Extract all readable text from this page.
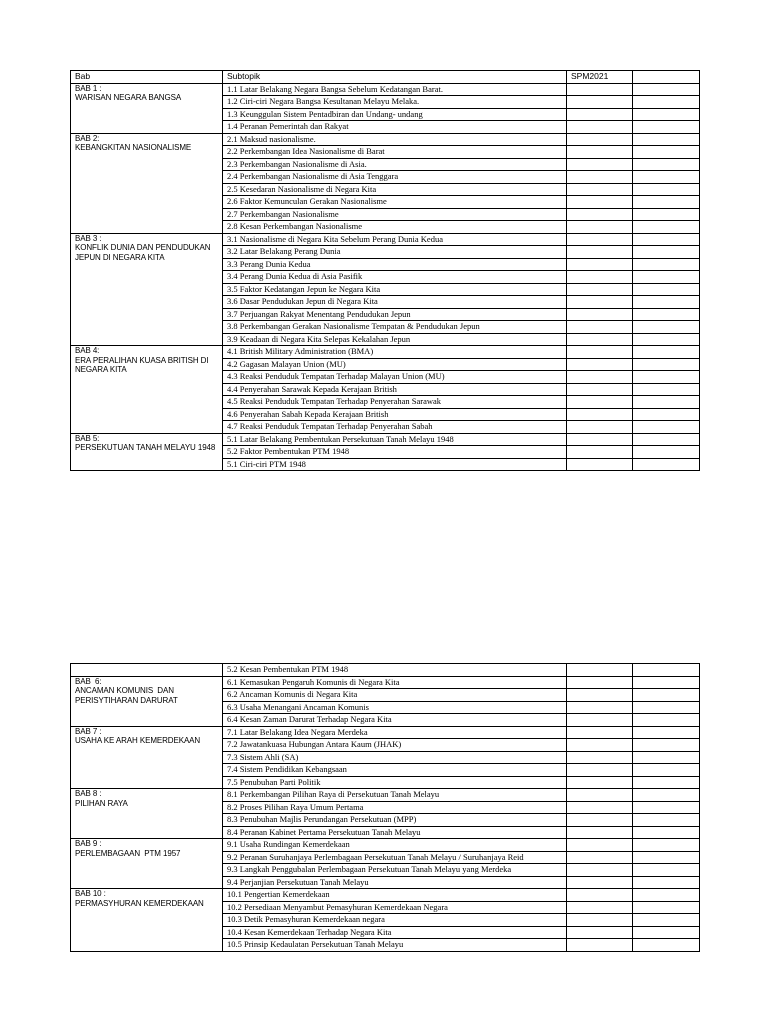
Bab	Subtopik	SPM2021	
BAB 1 :
WARISAN NEGARA BANGSA	1.1 Latar Belakang Negara Bangsa Sebelum Kedatangan Barat.		
	1.2 Ciri-ciri Negara Bangsa Kesultanan Melayu Melaka.		
	1.3 Keunggulan Sistem Pentadbiran dan Undang- undang		
	1.4 Peranan Pemerintah dan Rakyat		
BAB 2:
KEBANGKITAN NASIONALISME	2.1 Maksud nasionalisme.		
	2.2 Perkembangan Idea Nasionalisme di Barat		
	2.3 Perkembangan Nasionalisme di Asia.		
	2.4 Perkembangan Nasionalisme di Asia Tenggara		
	2.5 Kesedaran Nasionalisme di Negara Kita		
	2.6 Faktor Kemunculan Gerakan Nasionalisme		
	2.7 Perkembangan Nasionalisme		
	2.8 Kesan Perkembangan Nasionalisme		
BAB 3 :
KONFLIK DUNIA DAN PENDUDUKAN JEPUN DI NEGARA KITA	3.1 Nasionalisme di Negara Kita Sebelum Perang Dunia Kedua		
	3.2 Latar Belakang Perang Dunia		
	3.3 Perang Dunia Kedua		
	3.4 Perang Dunia Kedua di Asia Pasifik		
	3.5 Faktor Kedatangan Jepun ke Negara Kita		
	3.6 Dasar Pendudukan Jepun di Negara Kita		
	3.7 Perjuangan Rakyat Menentang Pendudukan Jepun		
	3.8 Perkembangan Gerakan Nasionalisme Tempatan & Pendudukan Jepun		
	3.9 Keadaan di Negara Kita Selepas Kekalahan Jepun		
BAB 4:
ERA PERALIHAN KUASA BRITISH DI NEGARA KITA	4.1 British Military Administration (BMA)		
	4.2 Gagasan Malayan Union (MU)		
	4.3 Reaksi Penduduk Tempatan Terhadap Malayan Union (MU)		
	4.4 Penyerahan Sarawak Kepada Kerajaan British		
	4.5 Reaksi Penduduk Tempatan Terhadap Penyerahan Sarawak		
	4.6 Penyerahan Sabah Kepada Kerajaan British		
	4.7 Reaksi Penduduk Tempatan Terhadap Penyerahan Sabah		
BAB 5:
PERSEKUTUAN TANAH MELAYU 1948	5.1 Latar Belakang Pembentukan Persekutuan Tanah Melayu 1948		
	5.2 Faktor Pembentukan PTM 1948		
	5.1 Ciri-ciri PTM 1948		
	5.2 Kesan Pembentukan PTM 1948		
BAB  6:
ANCAMAN KOMUNIS  DAN PERISYTIHARAN DARURAT	6.1 Kemasukan Pengaruh Komunis di Negara Kita		
	6.2 Ancaman Komunis di Negara Kita		
	6.3 Usaha Menangani Ancaman Komunis		
	6.4 Kesan Zaman Darurat Terhadap Negara Kita		
BAB 7 :
USAHA KE ARAH KEMERDEKAAN	7.1 Latar Belakang Idea Negara Merdeka		
	7.2 Jawatankuasa Hubungan Antara Kaum (JHAK)		
	7.3 Sistem Ahli (SA)		
	7.4 Sistem Pendidikan Kebangsaan		
	7.5 Penubuhan Parti Politik		
BAB 8 :
PILIHAN RAYA	8.1 Perkembangan Pilihan Raya di Persekutuan Tanah Melayu		
	8.2 Proses Pilihan Raya Umum Pertama		
	8.3 Penubuhan Majlis Perundangan Persekutuan (MPP)		
	8.4 Peranan Kabinet Pertama Persekutuan Tanah Melayu		
BAB 9 :
PERLEMBAGAAN  PTM 1957	9.1 Usaha Rundingan Kemerdekaan		
	9.2 Peranan Suruhanjaya Perlembagaan Persekutuan Tanah Melayu / Suruhanjaya Reid		
	9.3 Langkah Penggubalan Perlembagaan Persekutuan Tanah Melayu yang Merdeka		
	9.4 Perjanjian Persekutuan Tanah Melayu		
BAB 10 :
PERMASYHURAN KEMERDEKAAN	10.1 Pengertian Kemerdekaan		
	10.2 Persediaan Menyambut Pemasyhuran Kemerdekaan Negara		
	10.3 Detik Pemasyhuran Kemerdekaan negara		
	10.4 Kesan Kemerdekaan Terhadap Negara Kita		
	10.5 Prinsip Kedaulatan Persekutuan Tanah Melayu		
